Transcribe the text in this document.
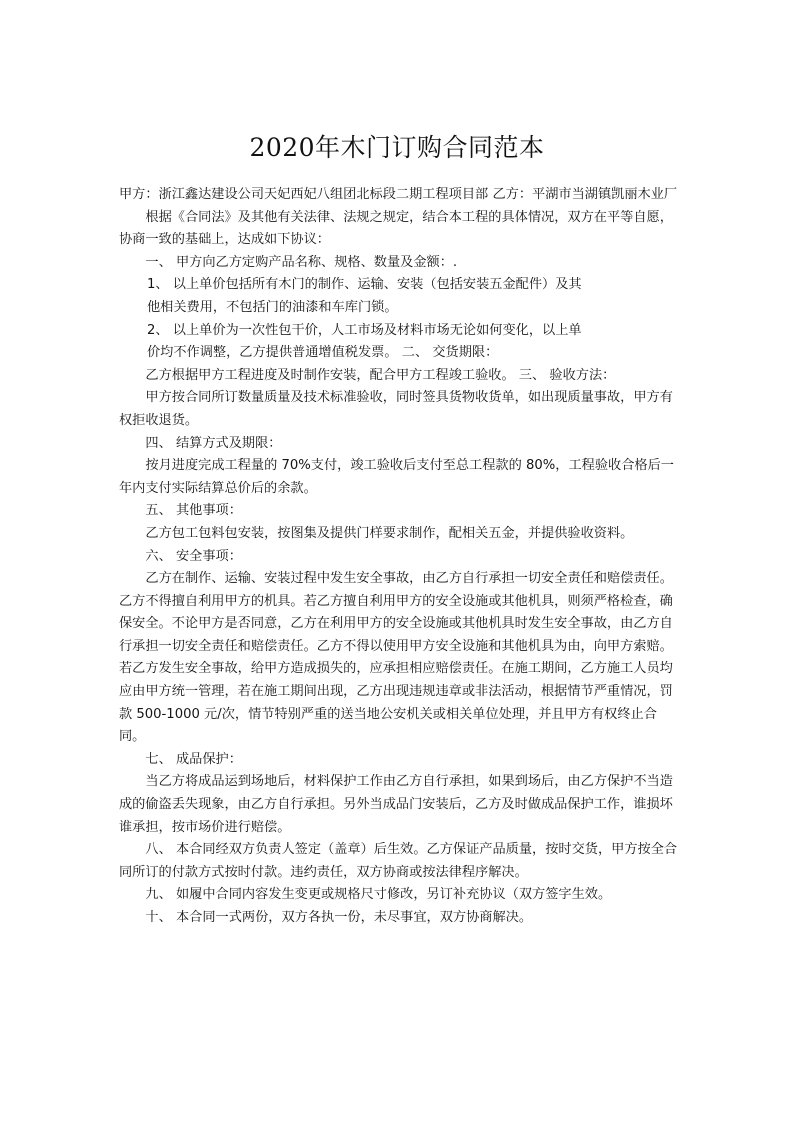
2020年木门订购合同范本

甲方：浙江鑫达建设公司天妃西妃八组团北标段二期工程项目部 乙方：平湖市当湖镇凯丽木业厂

根据《合同法》及其他有关法律、法规之规定，结合本工程的具体情况，双方在平等自愿，协商一致的基础上，达成如下协议：

一、 甲方向乙方定购产品名称、规格、数量及金额：.

1、 以上单价包括所有木门的制作、运输、安装（包括安装五金配件）及其

他相关费用，不包括门的油漆和车库门锁。

2、 以上单价为一次性包干价，人工市场及材料市场无论如何变化，以上单

价均不作调整，乙方提供普通增值税发票。 二、 交货期限：

乙方根据甲方工程进度及时制作安装，配合甲方工程竣工验收。 三、 验收方法：

甲方按合同所订数量质量及技术标准验收，同时签具货物收货单，如出现质量事故，甲方有权拒收退货。

四、 结算方式及期限：

按月进度完成工程量的 70%支付，竣工验收后支付至总工程款的 80%，工程验收合格后一年内支付实际结算总价后的余款。

五、 其他事项：

乙方包工包料包安装，按图集及提供门样要求制作，配相关五金，并提供验收资料。

六、 安全事项：

乙方在制作、运输、安装过程中发生安全事故，由乙方自行承担一切安全责任和赔偿责任。乙方不得擅自利用甲方的机具。若乙方擅自利用甲方的安全设施或其他机具，则须严格检查，确保安全。不论甲方是否同意，乙方在利用甲方的安全设施或其他机具时发生安全事故，由乙方自行承担一切安全责任和赔偿责任。乙方不得以使用甲方安全设施和其他机具为由，向甲方索赔。若乙方发生安全事故，给甲方造成损失的，应承担相应赔偿责任。在施工期间，乙方施工人员均应由甲方统一管理，若在施工期间出现，乙方出现违规违章或非法活动，根据情节严重情况，罚款 500-1000 元/次，情节特别严重的送当地公安机关或相关单位处理，并且甲方有权终止合同。

七、 成品保护：

当乙方将成品运到场地后，材料保护工作由乙方自行承担，如果到场后，由乙方保护不当造成的偷盗丢失现象，由乙方自行承担。另外当成品门安装后，乙方及时做成品保护工作，谁损坏谁承担，按市场价进行赔偿。

八、 本合同经双方负责人签定（盖章）后生效。乙方保证产品质量，按时交货，甲方按全合同所订的付款方式按时付款。违约责任，双方协商或按法律程序解决。

九、 如履中合同内容发生变更或规格尺寸修改，另订补充协议（双方签字生效。

十、 本合同一式两份，双方各执一份，未尽事宜，双方协商解决。
